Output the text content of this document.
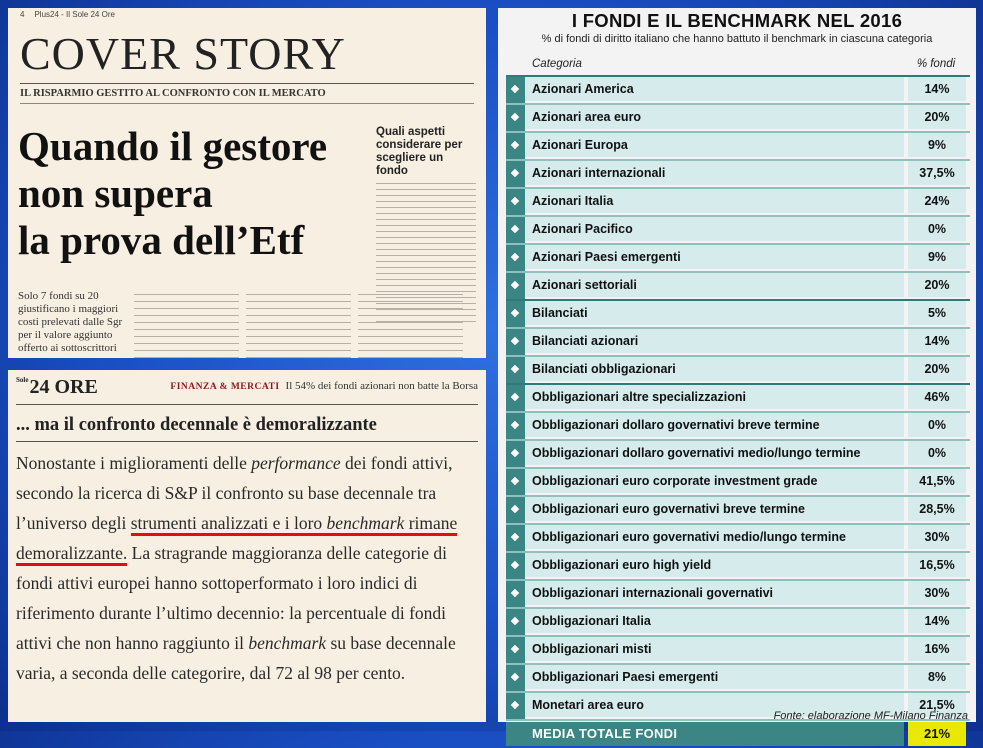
4 Plus24 - Il Sole 24 Ore
COVER STORY
IL RISPARMIO GESTITO AL CONFRONTO CON IL MERCATO
Quando il gestore
non supera
la prova dell’Etf
Quali aspetti considerare per scegliere un fondo
Solo 7 fondi su 20 giustificano i maggiori costi prelevati dalle Sgr per il valore aggiunto offerto ai sottoscrittori
$^{Sole}$24 ORE	FINANZA & MERCATI Il 54% dei fondi azionari non batte la Borsa
... ma il confronto decennale è demoralizzante
Nonostante i miglioramenti delle performance dei fondi attivi, secondo la ricerca di S&P il confronto su base decennale tra l’universo degli strumenti analizzati e i loro benchmark rimane demoralizzante. La stragrande maggioranza delle categorie di fondi attivi europei hanno sottoperformato i loro indici di riferimento durante l’ultimo decennio: la percentuale di fondi attivi che non hanno raggiunto il benchmark su base decennale varia, a seconda delle categorire, dal 72 al 98 per cento.
I FONDI E IL BENCHMARK NEL 2016
% di fondi di diritto italiano che hanno battuto il benchmark in ciascuna categoria
Categoria	% fondi
Azionari America	14%
Azionari area euro	20%
Azionari Europa	9%
Azionari internazionali	37,5%
Azionari Italia	24%
Azionari Pacifico	0%
Azionari Paesi emergenti	9%
Azionari settoriali	20%
Bilanciati	5%
Bilanciati azionari	14%
Bilanciati obbligazionari	20%
Obbligazionari altre specializzazioni	46%
Obbligazionari dollaro governativi breve termine	0%
Obbligazionari dollaro governativi medio/lungo termine	0%
Obbligazionari euro corporate investment grade	41,5%
Obbligazionari euro governativi breve termine	28,5%
Obbligazionari euro governativi medio/lungo termine	30%
Obbligazionari euro high yield	16,5%
Obbligazionari internazionali governativi	30%
Obbligazionari Italia	14%
Obbligazionari misti	16%
Obbligazionari Paesi emergenti	8%
Monetari area euro	21,5%
MEDIA TOTALE FONDI	21%
Fonte: elaborazione MF-Milano Finanza
